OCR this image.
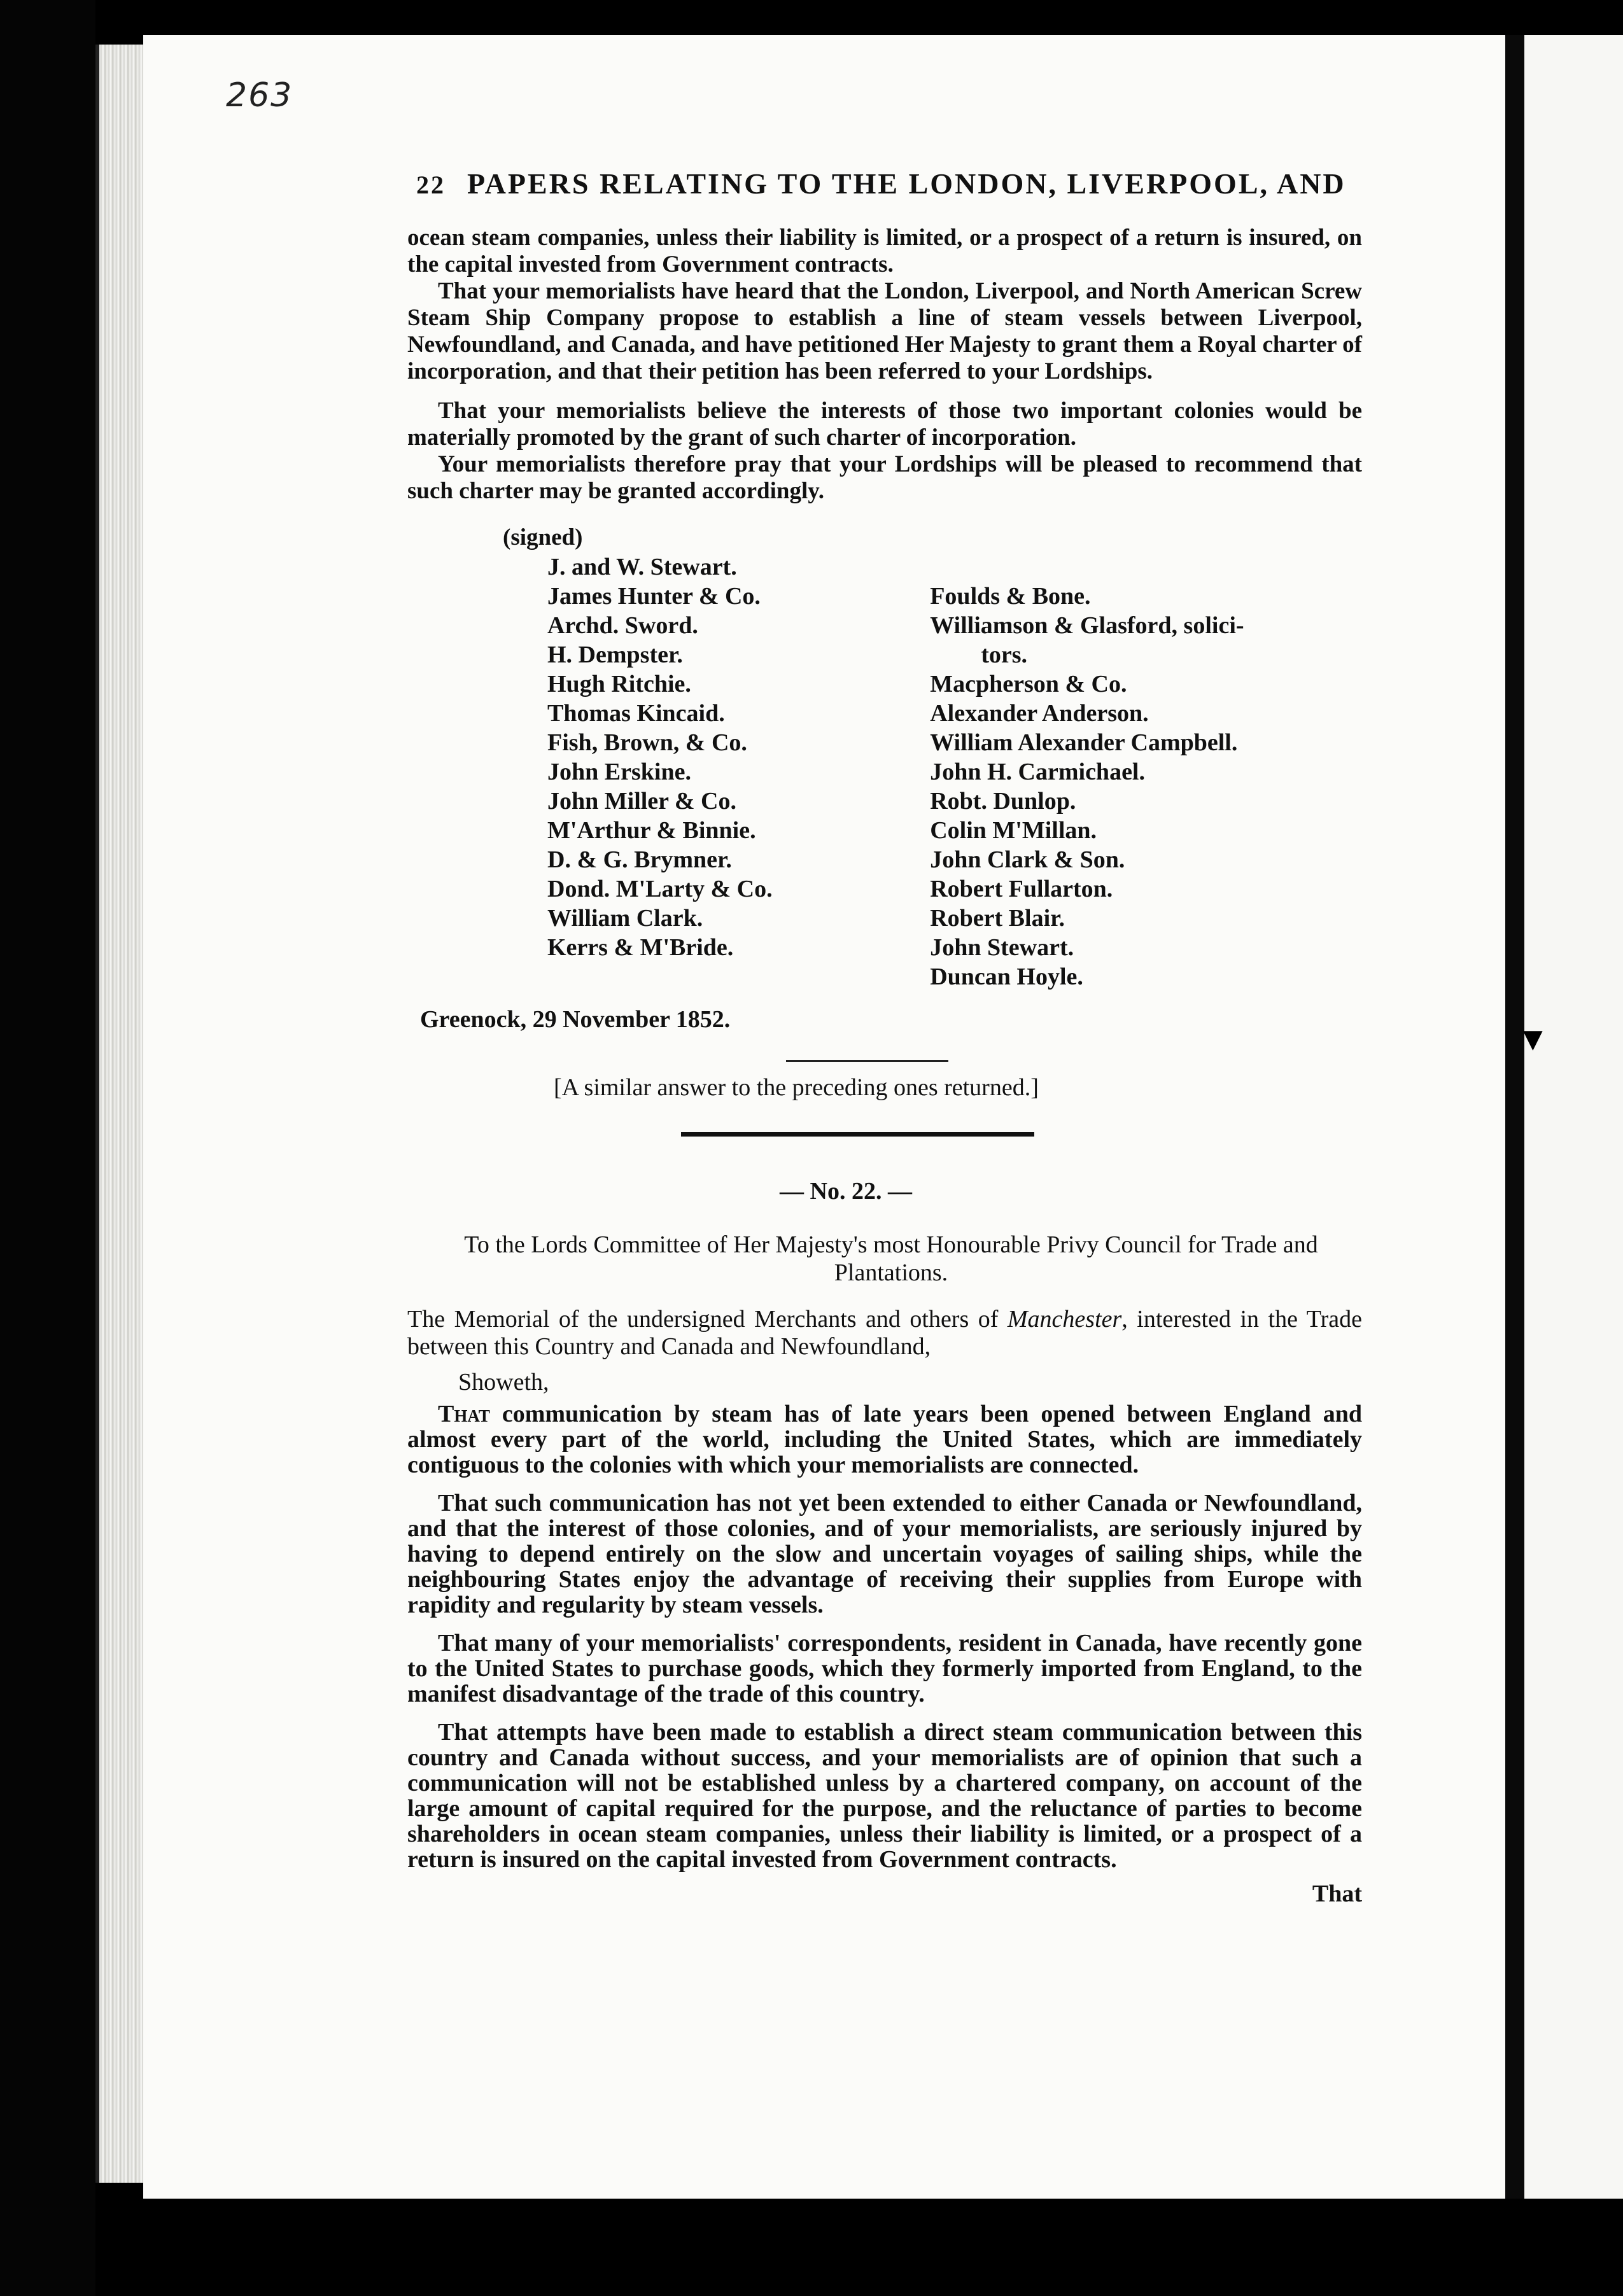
▼
263
22 PAPERS RELATING TO THE LONDON, LIVERPOOL, AND

ocean steam companies, unless their liability is limited, or a prospect of a return is insured, on the capital invested from Government contracts.

That your memorialists have heard that the London, Liverpool, and North American Screw Steam Ship Company propose to establish a line of steam vessels between Liverpool, Newfoundland, and Canada, and have petitioned Her Majesty to grant them a Royal charter of incorporation, and that their petition has been referred to your Lordships.

That your memorialists believe the interests of those two important colonies would be materially promoted by the grant of such charter of incorporation.

Your memorialists therefore pray that your Lordships will be pleased to recommend that such charter may be granted accordingly.

(signed)
J. and W. Stewart.
James Hunter & Co.
Archd. Sword.
H. Dempster.
Hugh Ritchie.
Thomas Kincaid.
Fish, Brown, & Co.
John Erskine.
John Miller & Co.
M'Arthur & Binnie.
D. & G. Brymner.
Dond. M'Larty & Co.
William Clark.
Kerrs & M'Bride.
Foulds & Bone.
Williamson & Glasford, solici-
tors.
Macpherson & Co.
Alexander Anderson.
William Alexander Campbell.
John H. Carmichael.
Robt. Dunlop.
Colin M'Millan.
John Clark & Son.
Robert Fullarton.
Robert Blair.
John Stewart.
Duncan Hoyle.
Greenock, 29 November 1852.
[A similar answer to the preceding ones returned.]
— No. 22. —
To the Lords Committee of Her Majesty's most Honourable Privy Council for Trade and Plantations.
The Memorial of the undersigned Merchants and others of Manchester, interested in the Trade between this Country and Canada and Newfoundland,
Showeth,

That communication by steam has of late years been opened between England and almost every part of the world, including the United States, which are immediately contiguous to the colonies with which your memorialists are connected.

That such communication has not yet been extended to either Canada or Newfoundland, and that the interest of those colonies, and of your memorialists, are seriously injured by having to depend entirely on the slow and uncertain voyages of sailing ships, while the neighbouring States enjoy the advantage of receiving their supplies from Europe with rapidity and regularity by steam vessels.

That many of your memorialists' correspondents, resident in Canada, have recently gone to the United States to purchase goods, which they formerly imported from England, to the manifest disadvantage of the trade of this country.

That attempts have been made to establish a direct steam communication between this country and Canada without success, and your memorialists are of opinion that such a communication will not be established unless by a chartered company, on account of the large amount of capital required for the purpose, and the reluctance of parties to become shareholders in ocean steam companies, unless their liability is limited, or a prospect of a return is insured on the capital invested from Government contracts.

That
